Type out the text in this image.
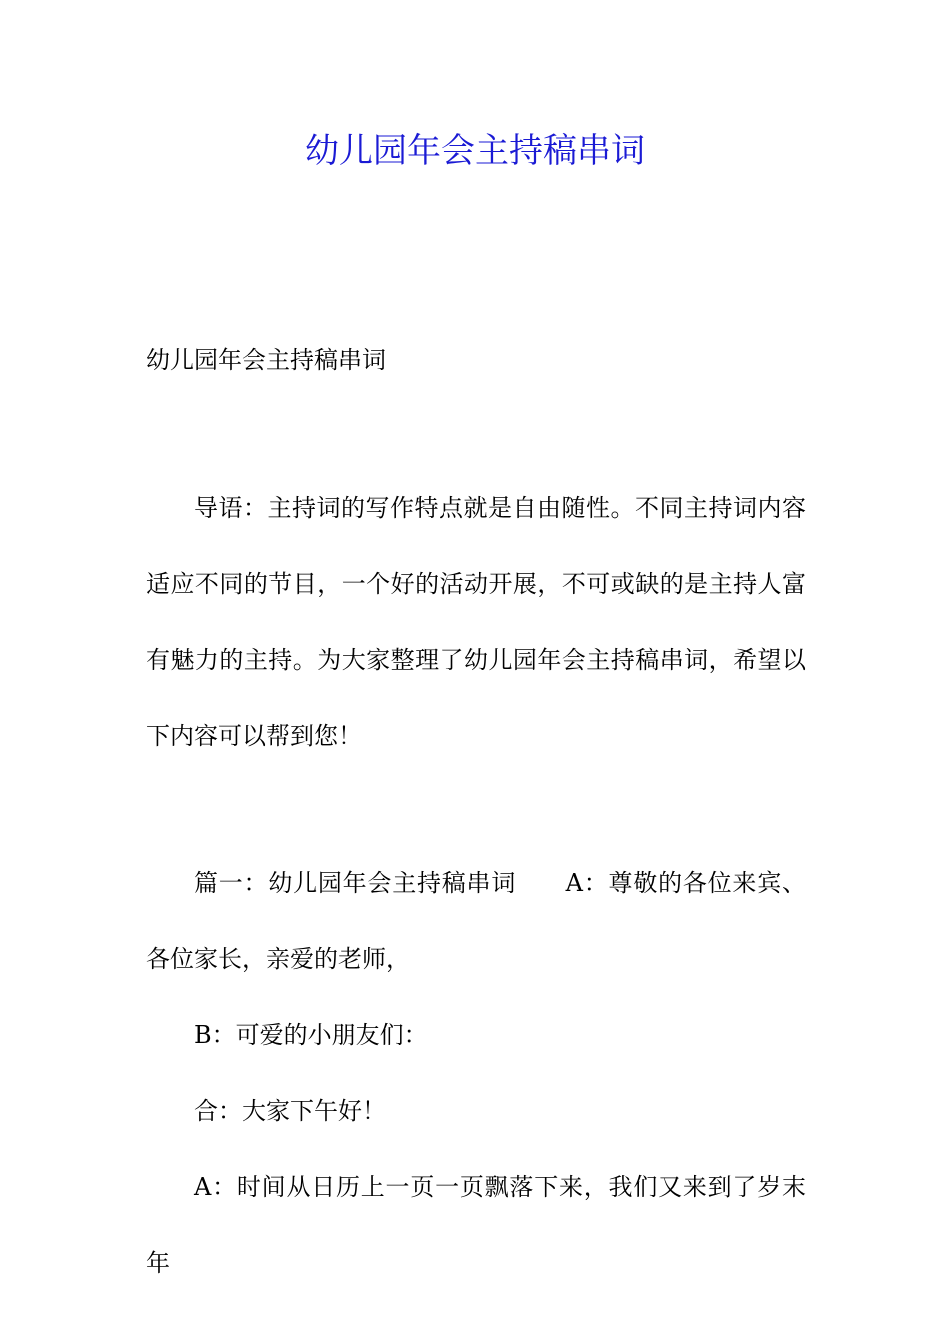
幼儿园年会主持稿串词

幼儿园年会主持稿串词

导语：主持词的写作特点就是自由随性。不同主持词内容适应不同的节目，一个好的活动开展，不可或缺的是主持人富有魅力的主持。为大家整理了幼儿园年会主持稿串词，希望以下内容可以帮到您！

篇一：幼儿园年会主持稿串词　　A：尊敬的各位来宾、各位家长，亲爱的老师，

B：可爱的小朋友们：

合：大家下午好！

A：时间从日历上一页一页飘落下来，我们又来到了岁末年
